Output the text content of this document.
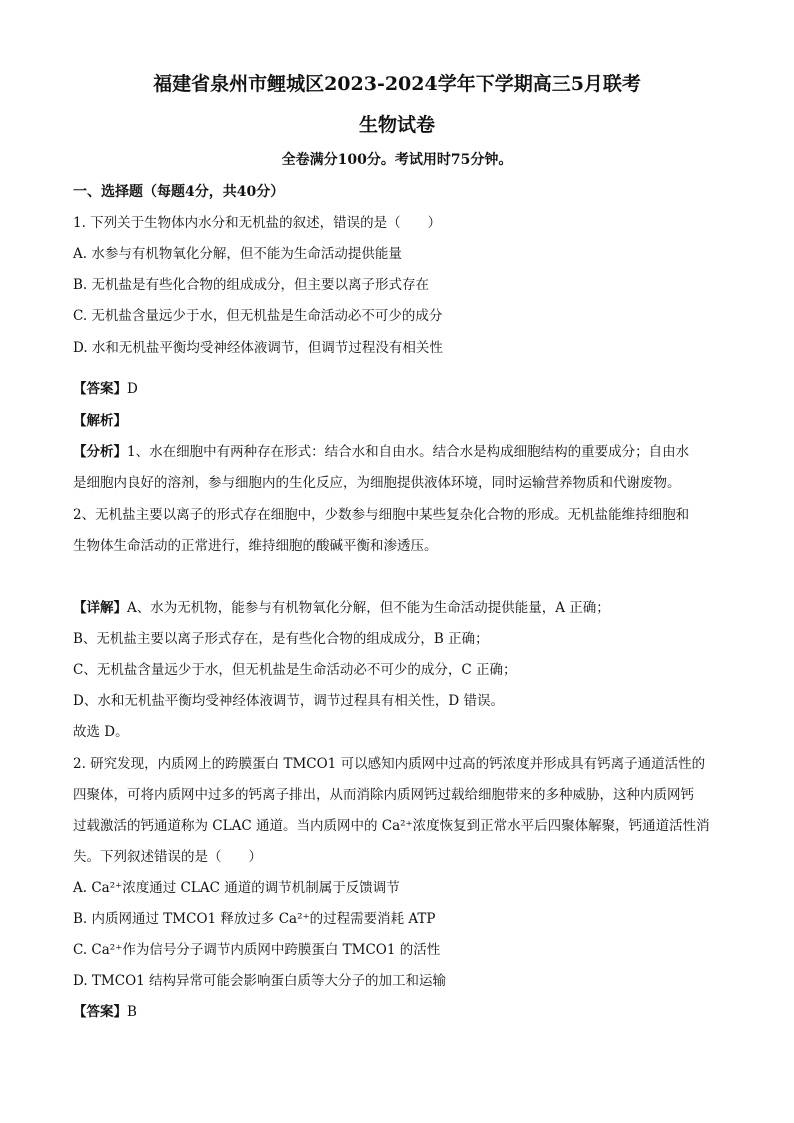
福建省泉州市鲤城区2023-2024学年下学期高三5月联考
生物试卷
全卷满分100分。考试用时75分钟。
一、选择题（每题4分，共40分）
1. 下列关于生物体内水分和无机盐的叙述，错误的是（　　）
A. 水参与有机物氧化分解，但不能为生命活动提供能量
B. 无机盐是有些化合物的组成成分，但主要以离子形式存在
C. 无机盐含量远少于水，但无机盐是生命活动必不可少的成分
D. 水和无机盐平衡均受神经体液调节，但调节过程没有相关性
【答案】D
【解析】
【分析】1、水在细胞中有两种存在形式：结合水和自由水。结合水是构成细胞结构的重要成分；自由水
是细胞内良好的溶剂，参与细胞内的生化反应，为细胞提供液体环境，同时运输营养物质和代谢废物。
2、无机盐主要以离子的形式存在细胞中，少数参与细胞中某些复杂化合物的形成。无机盐能维持细胞和
生物体生命活动的正常进行，维持细胞的酸碱平衡和渗透压。
【详解】A、水为无机物，能参与有机物氧化分解，但不能为生命活动提供能量，A 正确；
B、无机盐主要以离子形式存在，是有些化合物的组成成分，B 正确；
C、无机盐含量远少于水，但无机盐是生命活动必不可少的成分，C 正确；
D、水和无机盐平衡均受神经体液调节，调节过程具有相关性，D 错误。
故选 D。
2. 研究发现，内质网上的跨膜蛋白 TMCO1 可以感知内质网中过高的钙浓度并形成具有钙离子通道活性的
四聚体，可将内质网中过多的钙离子排出，从而消除内质网钙过载给细胞带来的多种威胁，这种内质网钙
过载激活的钙通道称为 CLAC 通道。当内质网中的 Ca²⁺浓度恢复到正常水平后四聚体解聚，钙通道活性消
失。下列叙述错误的是（　　）
A. Ca²⁺浓度通过 CLAC 通道的调节机制属于反馈调节
B. 内质网通过 TMCO1 释放过多 Ca²⁺的过程需要消耗 ATP
C. Ca²⁺作为信号分子调节内质网中跨膜蛋白 TMCO1 的活性
D. TMCO1 结构异常可能会影响蛋白质等大分子的加工和运输
【答案】B
